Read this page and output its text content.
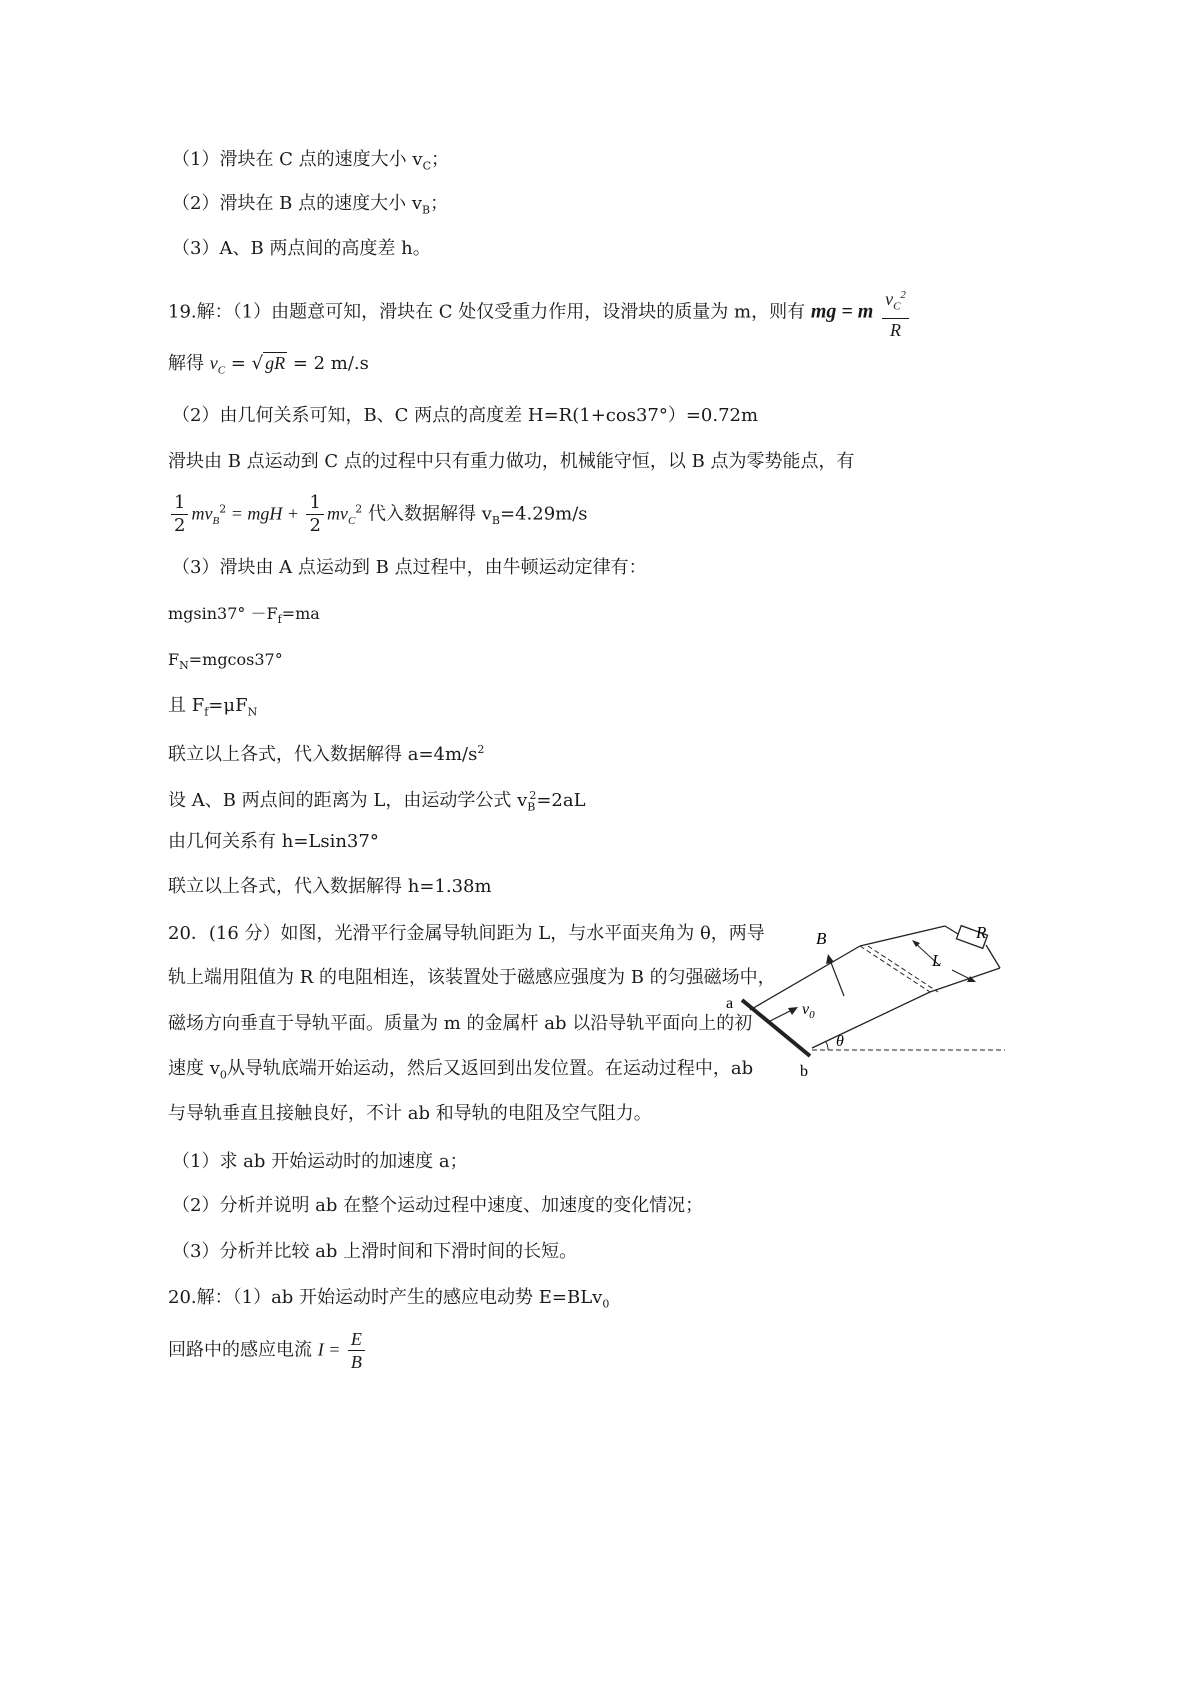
（1）滑块在 C 点的速度大小 $v_C$；
（2）滑块在 B 点的速度大小 $v_B$；
（3）A、B 两点间的高度差 h。
19.解：（1）由题意可知，滑块在 C 处仅受重力作用，设滑块的质量为 m，则有 mg = m $\frac{v_C^2}{R}$
解得 $v_C$ = √ gR = 2 m/.s
（2）由几何关系可知，B、C 两点的高度差 H=R(1+cos37°）=0.72m
滑块由 B 点运动到 C 点的过程中只有重力做功，机械能守恒，以 B 点为零势能点，有
$\frac{1}{2} mv_B^2$ = mgH + $\frac{1}{2} mv_C^2$ 代入数据解得 $v_B=4.29m/s$
（3）滑块由 A 点运动到 B 点过程中，由牛顿运动定律有：
$mgsin37^\circ -F_f=ma$
$F_N=mgcos37^\circ$
且 $F_f=\mu F_N$
联立以上各式，代入数据解得 $a=4m/s^2$
设 A、B 两点间的距离为 L，由运动学公式 $v_B^2=2aL$
由几何关系有 h=Lsin37°
联立以上各式，代入数据解得 h=1.38m
20．(16 分）如图，光滑平行金属导轨间距为 L，与水平面夹角为 θ，两导
轨上端用阻值为 R 的电阻相连，该装置处于磁感应强度为 B 的匀强磁场中，
磁场方向垂直于导轨平面。质量为 m 的金属杆 ab 以沿导轨平面向上的初
速度 $v_0$从导轨底端开始运动，然后又返回到出发位置。在运动过程中，ab
与导轨垂直且接触良好，不计 ab 和导轨的电阻及空气阻力。
L
R
B
a
b
$v_0$
θ
（1）求 ab 开始运动时的加速度 a；
（2）分析并说明 ab 在整个运动过程中速度、加速度的变化情况；
（3）分析并比较 ab 上滑时间和下滑时间的长短。
20.解：（1）ab 开始运动时产生的感应电动势 E=BLv$_0$
回路中的感应电流 $I = \frac{E}{B}$
